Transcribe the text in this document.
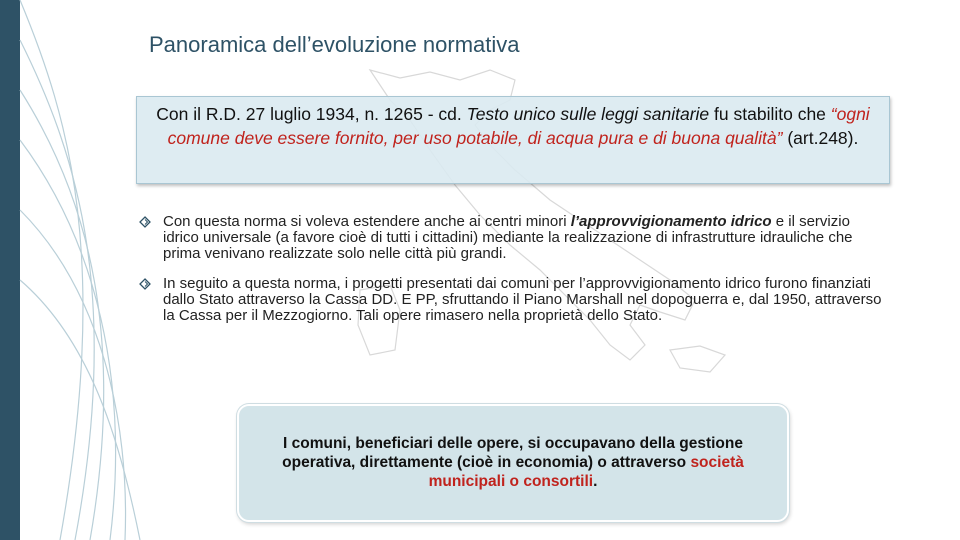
Panoramica dell’evoluzione normativa
Con il R.D. 27 luglio 1934, n. 1265 - cd. Testo unico sulle leggi sanitarie fu stabilito che “ogni comune deve essere fornito, per uso potabile, di acqua pura e di buona qualità” (art.248).
Con questa norma si voleva estendere anche ai centri minori l’approvvigionamento idrico e il servizio idrico universale (a favore cioè di tutti i cittadini) mediante la realizzazione di infrastrutture idrauliche che prima venivano realizzate solo nelle città più grandi.
In seguito a questa norma, i progetti presentati dai comuni per l’approvvigionamento idrico furono finanziati dallo Stato attraverso la Cassa DD. E PP, sfruttando il Piano Marshall nel dopoguerra e, dal 1950, attraverso la Cassa per il Mezzogiorno. Tali opere rimasero nella proprietà dello Stato.
I comuni, beneficiari delle opere, si occupavano della gestione operativa, direttamente (cioè in economia) o attraverso società municipali o consortili.
